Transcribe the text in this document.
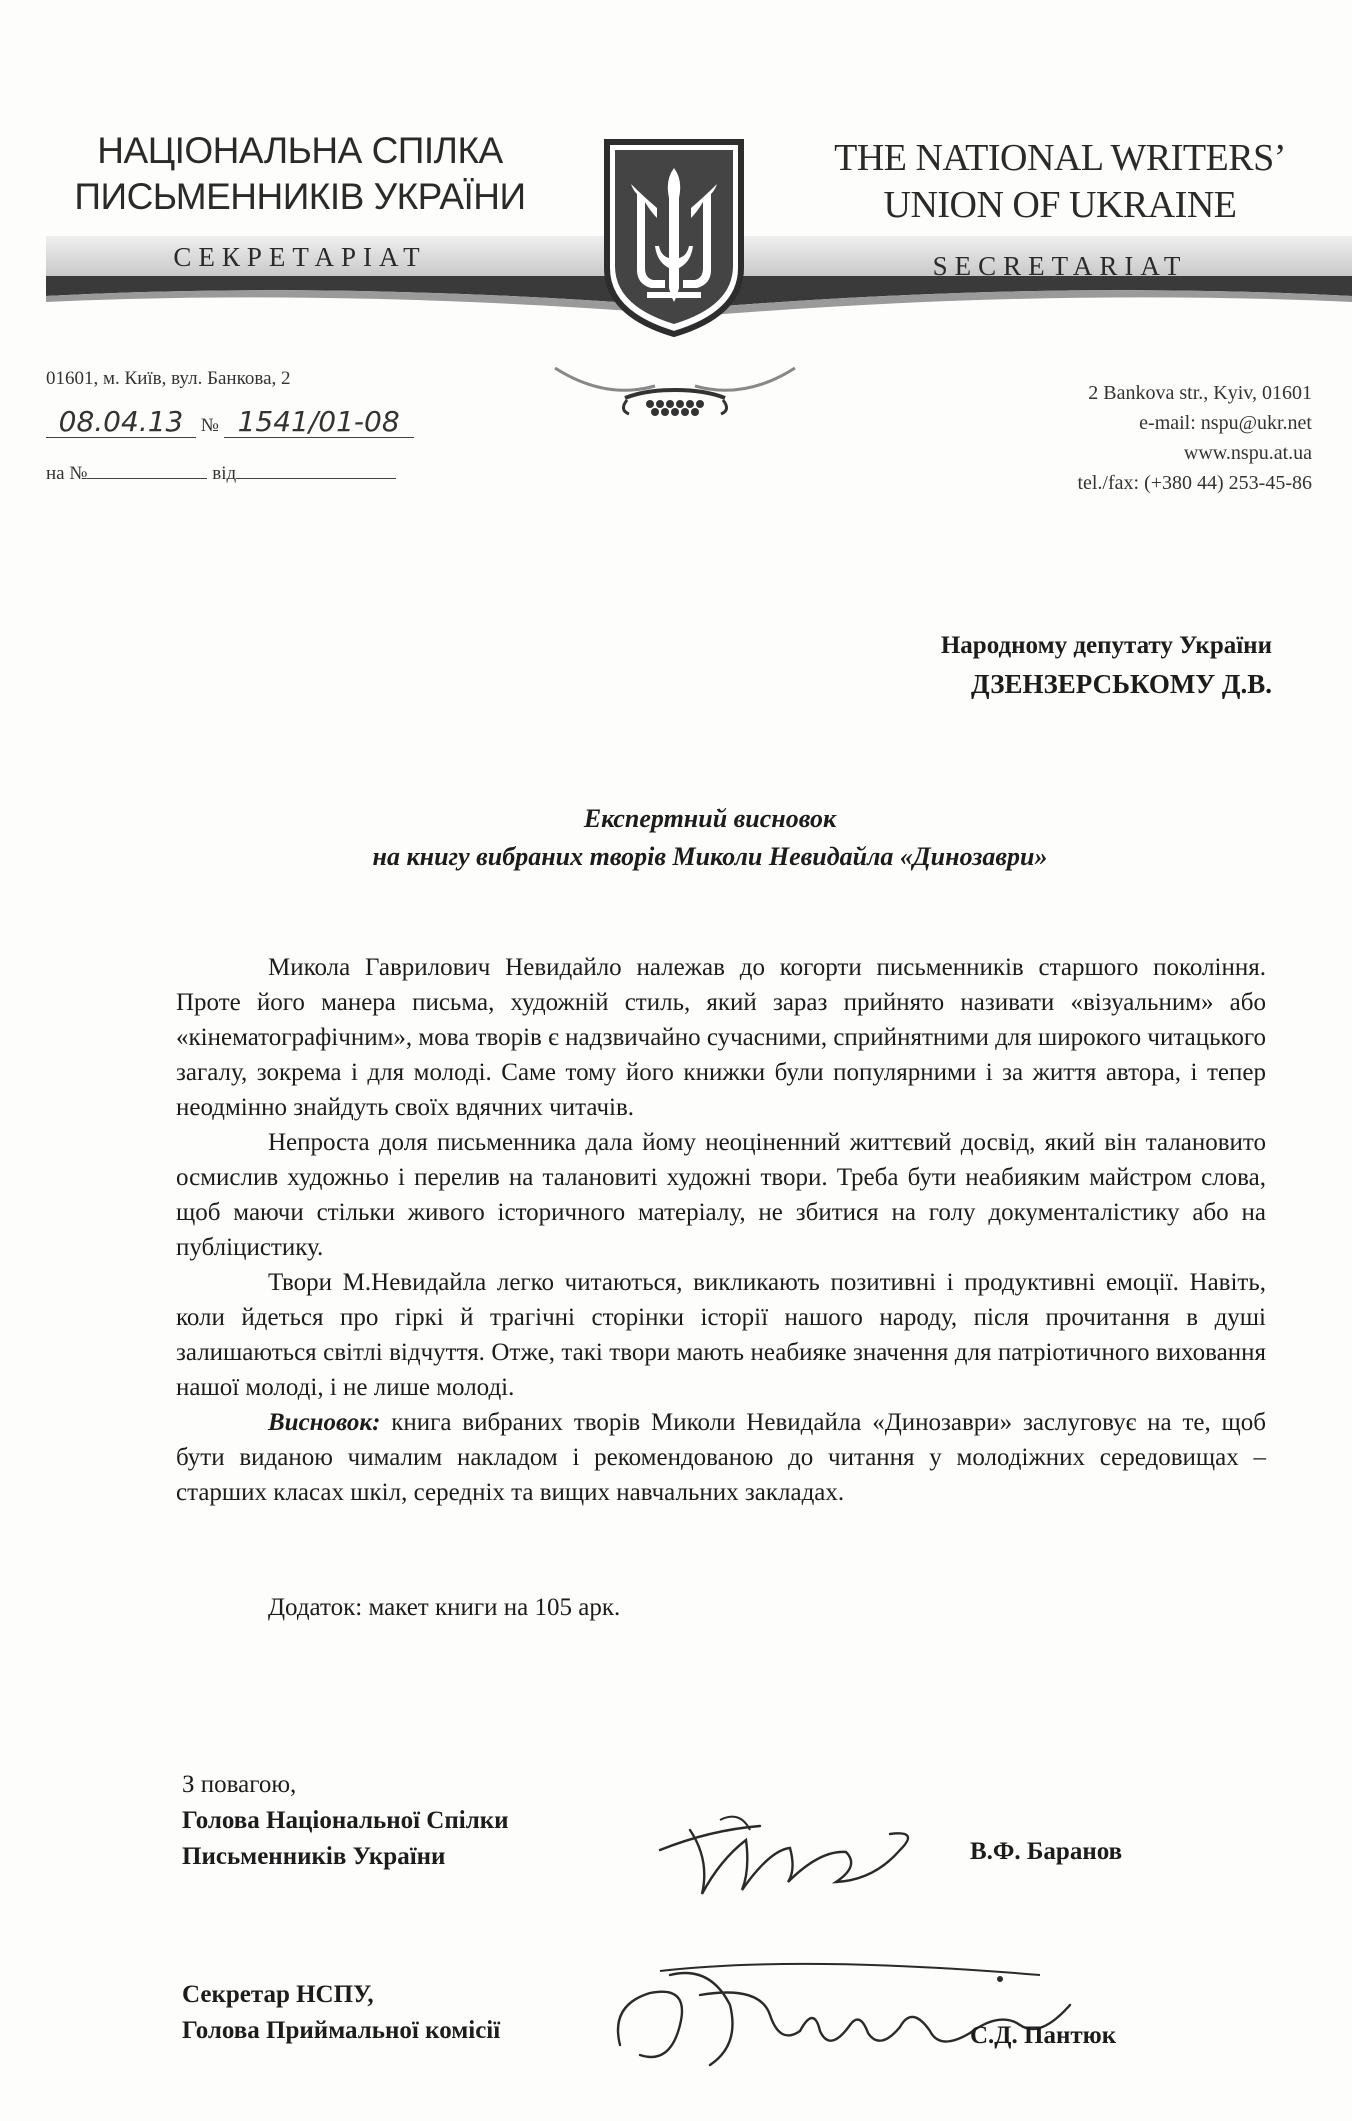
НАЦІОНАЛЬНА СПІЛКА
ПИСЬМЕННИКІВ УКРАЇНИ
СЕКРЕТАРІАТ
THE NATIONAL WRITERS’
UNION OF UKRAINE
SECRETARIAT
01601, м. Київ, вул. Банкова, 2
08.04.13 № 1541/01-08
на №	від
2 Bankova str., Kyiv, 01601
e-mail: nspu@ukr.net
www.nspu.at.ua
tel./fax: (+380 44) 253-45-86
Народному депутату України
ДЗЕНЗЕРСЬКОМУ Д.В.
Експертний висновок
на книгу вибраних творів Миколи Невидайла «Динозаври»

Микола Гаврилович Невидайло належав до когорти письменників старшого покоління. Проте його манера письма, художній стиль, який зараз прийнято називати «візуальним» або «кінематографічним», мова творів є надзвичайно сучасними, сприйнятними для широкого читацького загалу, зокрема і для молоді. Саме тому його книжки були популярними і за життя автора, і тепер неодмінно знайдуть своїх вдячних читачів.

Непроста доля письменника дала йому неоціненний життєвий досвід, який він талановито осмислив художньо і перелив на талановиті художні твори. Треба бути неабияким майстром слова, щоб маючи стільки живого історичного матеріалу, не збитися на голу документалістику або на публіцистику.

Твори М.Невидайла легко читаються, викликають позитивні і продуктивні емоції. Навіть, коли йдеться про гіркі й трагічні сторінки історії нашого народу, після прочитання в душі залишаються світлі відчуття. Отже, такі твори мають неабияке значення для патріотичного виховання нашої молоді, і не лише молоді.

Висновок: книга вибраних творів Миколи Невидайла «Динозаври» заслуговує на те, щоб бути виданою чималим накладом і рекомендованою до читання у молодіжних середовищах – старших класах шкіл, середніх та вищих навчальних закладах.

Додаток: макет книги на 105 арк.
З повагою,
Голова Національної Спілки
Письменників України	В.Ф. Баранов
Секретар НСПУ,
Голова Приймальної комісії	С.Д. Пантюк
